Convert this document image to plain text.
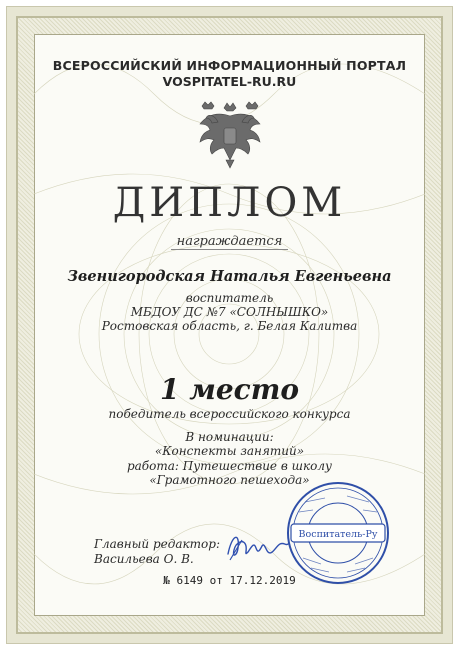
ВСЕРОССИЙСКИЙ ИНФОРМАЦИОННЫЙ ПОРТАЛ
VOSPITATEL-RU.RU
ДИПЛОМ
награждается
Звенигородская Наталья Евгеньевна
воспитатель
МБДОУ ДС №7 «СОЛНЫШКО»
Ростовская область, г. Белая Калитва
1 место
победитель всероссийского конкурса
В номинации:
«Конспекты занятий»
работа: Путешествие в школу
«Грамотного пешехода»
Главный редактор:
Васильева О. В.
Воспитатель-Ру
№ 6149 от 17.12.2019
